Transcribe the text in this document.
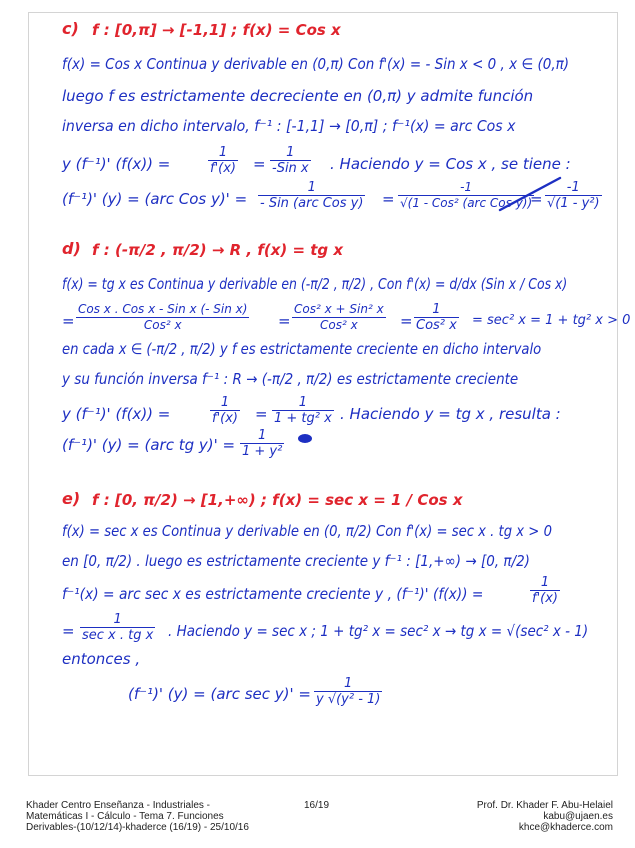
c) f : [0,π] → [-1,1] ; f(x) = Cos x
f(x) = Cos x Continua y derivable en (0,π) Con f'(x) = - Sin x < 0 , x ∈ (0,π)
luego f es estrictamente decreciente en (0,π) y admite función
inversa en dicho intervalo, f⁻¹ : [-1,1] → [0,π] ; f⁻¹(x) = arc Cos x
y (f⁻¹)' (f(x)) =	$\frac{1}{f'(x)}$ =
1
-Sin x . Haciendo y = Cos x , se tiene :
(f⁻¹)' (y) = (arc Cos y)' =
1
- Sin (arc Cos y) =
-1
√(1 - Cos² (arc Cos y))
= $\frac{-1}{\text{√(1 - y²)}}$
d) f : (-π/2 , π/2) → R , f(x) = tg x
f(x) = tg x es Continua y derivable en (-π/2 , π/2) , Con f'(x) = d/dx (Sin x / Cos x)
=
Cos x . Cos x - Sin x (- Sin x)
Cos² x	=
Cos² x + Sin² x
Cos² x	=
1
Cos² x = sec² x = 1 + tg² x > 0
en cada x ∈ (-π/2 , π/2) y f es estrictamente creciente en dicho intervalo
y su función inversa f⁻¹ : R → (-π/2 , π/2) es estrictamente creciente
y (f⁻¹)' (f(x)) =	$\frac{1}{f'(x)} = \frac{1}{\text{1 + tg² x}}$ . Haciendo y = tg x , resulta :
(f⁻¹)' (y) = (arc tg $y)' = \frac{1}{\text{1 + y²}}$
e) f : [0, π/2) → [1,+∞) ; f(x) = sec x = 1 / Cos x
f(x) = sec x es Continua y derivable en (0, π/2) Con f'(x) = sec x . tg x > 0
en [0, π/2) . luego es estrictamente creciente y f⁻¹ : [1,+∞) → [0, π/2)
f⁻¹(x) = arc sec x es estrictamente creciente y , (f⁻¹)' (f(x)) =	$\frac{1}{f'(x)}$
=
1
sec x . tg x . Haciendo y = sec x ; 1 + tg² x = sec² x → tg x = √(sec² x - 1)
entonces ,
(f⁻¹)' (y) = (arc $\sec y)' = \frac{1}{\text{y √(y² - 1)}}$
Khader Centro Enseñanza - Industriales -
Matemáticas I - Cálculo - Tema 7. Funciones
Derivables-(10/12/14)-khaderce (16/19) - 25/10/16
16/19	Prof. Dr. Khader F. Abu-Helaiel
kabu@ujaen.es
khce@khaderce.com
